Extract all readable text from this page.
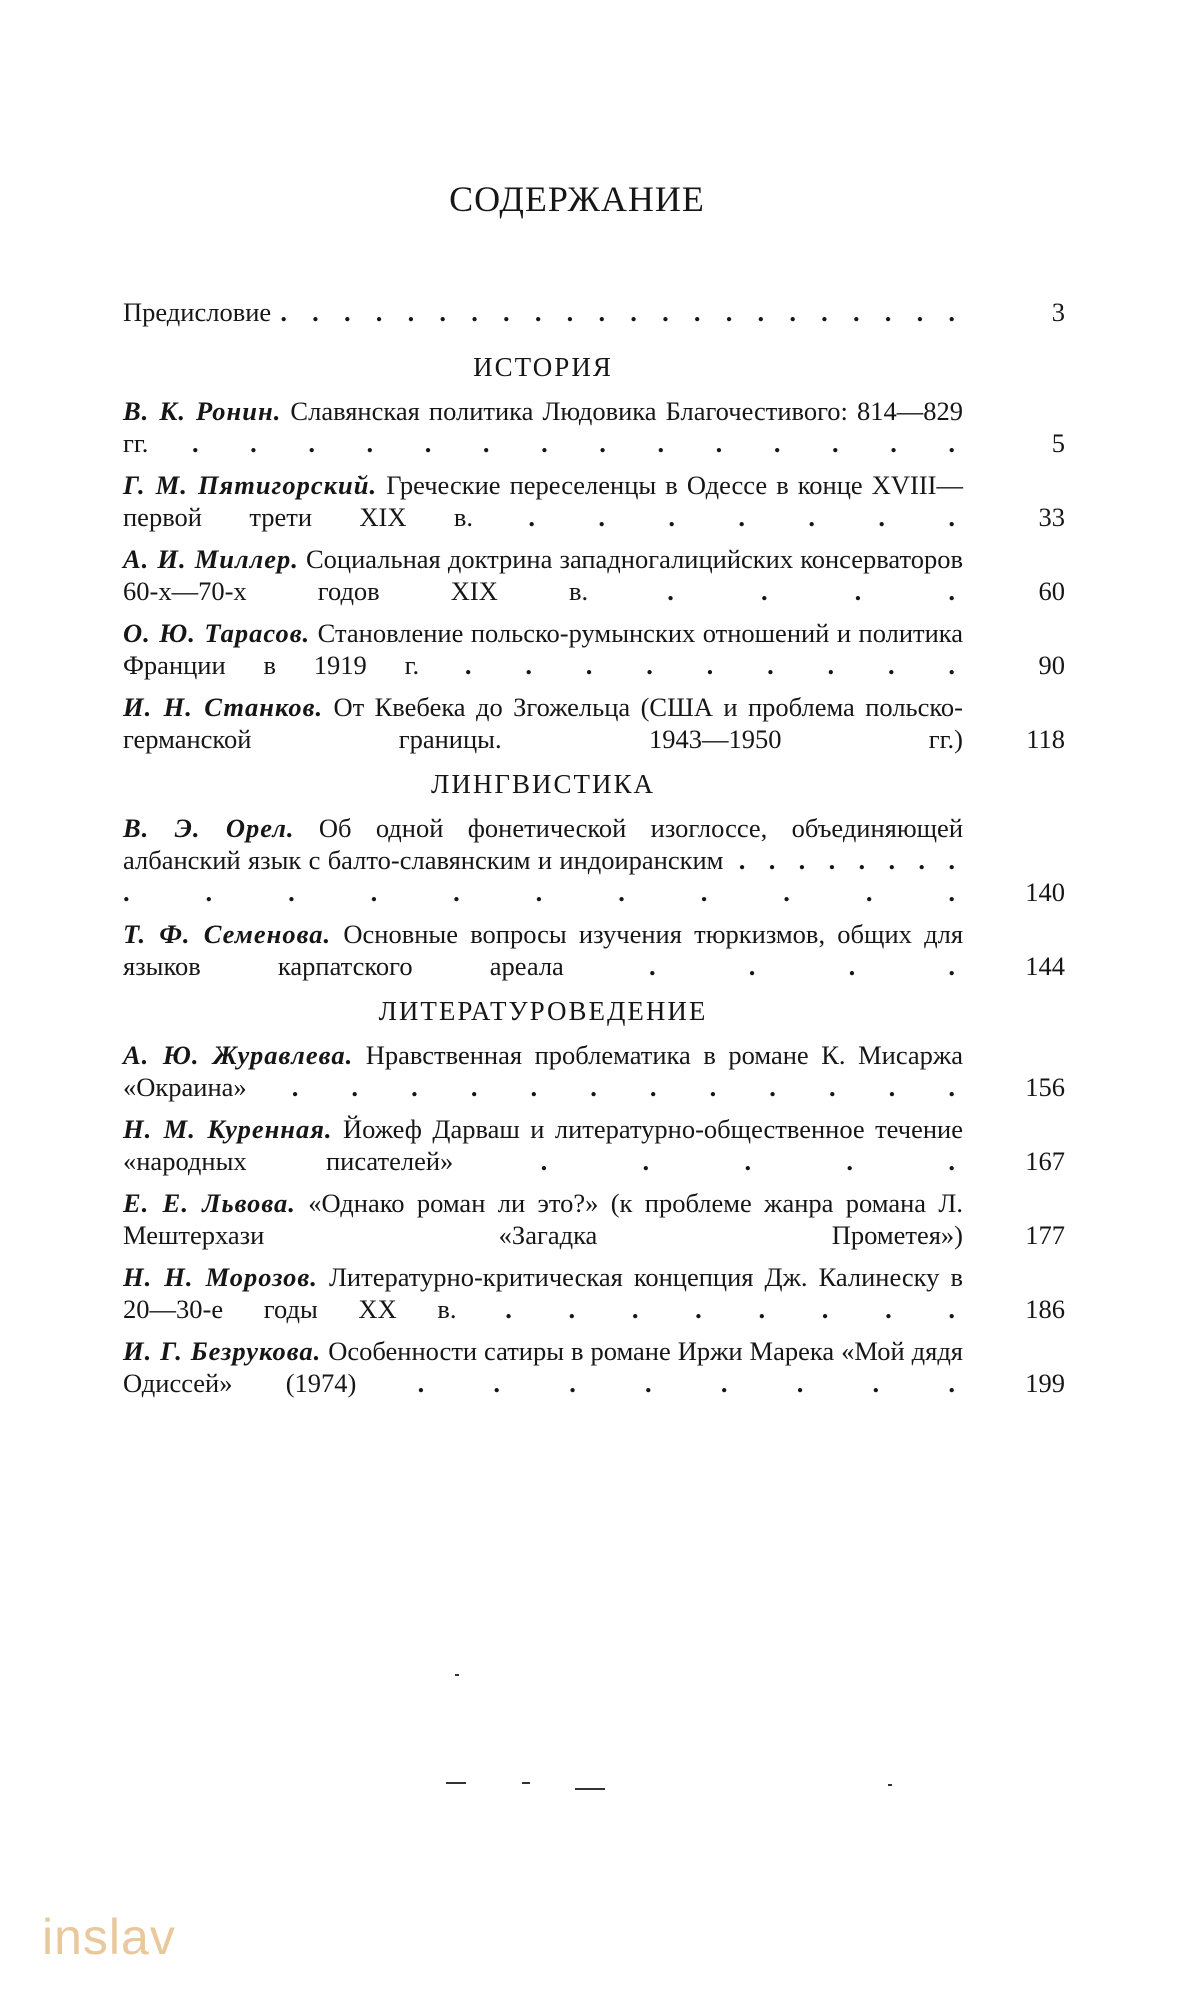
СОДЕРЖАНИЕ
Предисловие . . . . . . . . . . . . . . . . . . . . . .	3
ИСТОРИЯ
В. К. Ронин. Славянская политика Людовика Благочестивого: 814—829 гг. . . . . . . . . . . . . . .	5
Г. М. Пятигорский. Греческие переселенцы в Одессе в конце XVIII—первой трети XIX в. . . . . . . .	33
А. И. Миллер. Социальная доктрина западногалицийских консерваторов 60-х—70-х годов XIX в. . . . .	60
О. Ю. Тарасов. Становление польско-румынских отношений и политика Франции в 1919 г. . . . . . . . . .	90
И. Н. Станков. От Квебека до Згожельца (США и проблема польско-германской границы. 1943—1950 гг.)	118
ЛИНГВИСТИКА
В. Э. Орел. Об одной фонетической изоглоссе, объединяющей албанский язык с балто-славянским и индоиранским . . . . . . . . . . . . . . . . . . .	140
Т. Ф. Семенова. Основные вопросы изучения тюркизмов, общих для языков карпатского ареала . . . .	144
ЛИТЕРАТУРОВЕДЕНИЕ
А. Ю. Журавлева. Нравственная проблематика в романе К. Мисаржа «Окраина» . . . . . . . . . . . .	156
Н. М. Куренная. Йожеф Дарваш и литературно-общественное течение «народных писателей» . . . . .	167
Е. Е. Львова. «Однако роман ли это?» (к проблеме жанра романа Л. Мештерхази «Загадка Прометея»)	177
Н. Н. Морозов. Литературно-критическая концепция Дж. Калинеску в 20—30-е годы XX в. . . . . . . . .	186
И. Г. Безрукова. Особенности сатиры в романе Иржи Марека «Мой дядя Одиссей» (1974) . . . . . . . .	199
inslav
